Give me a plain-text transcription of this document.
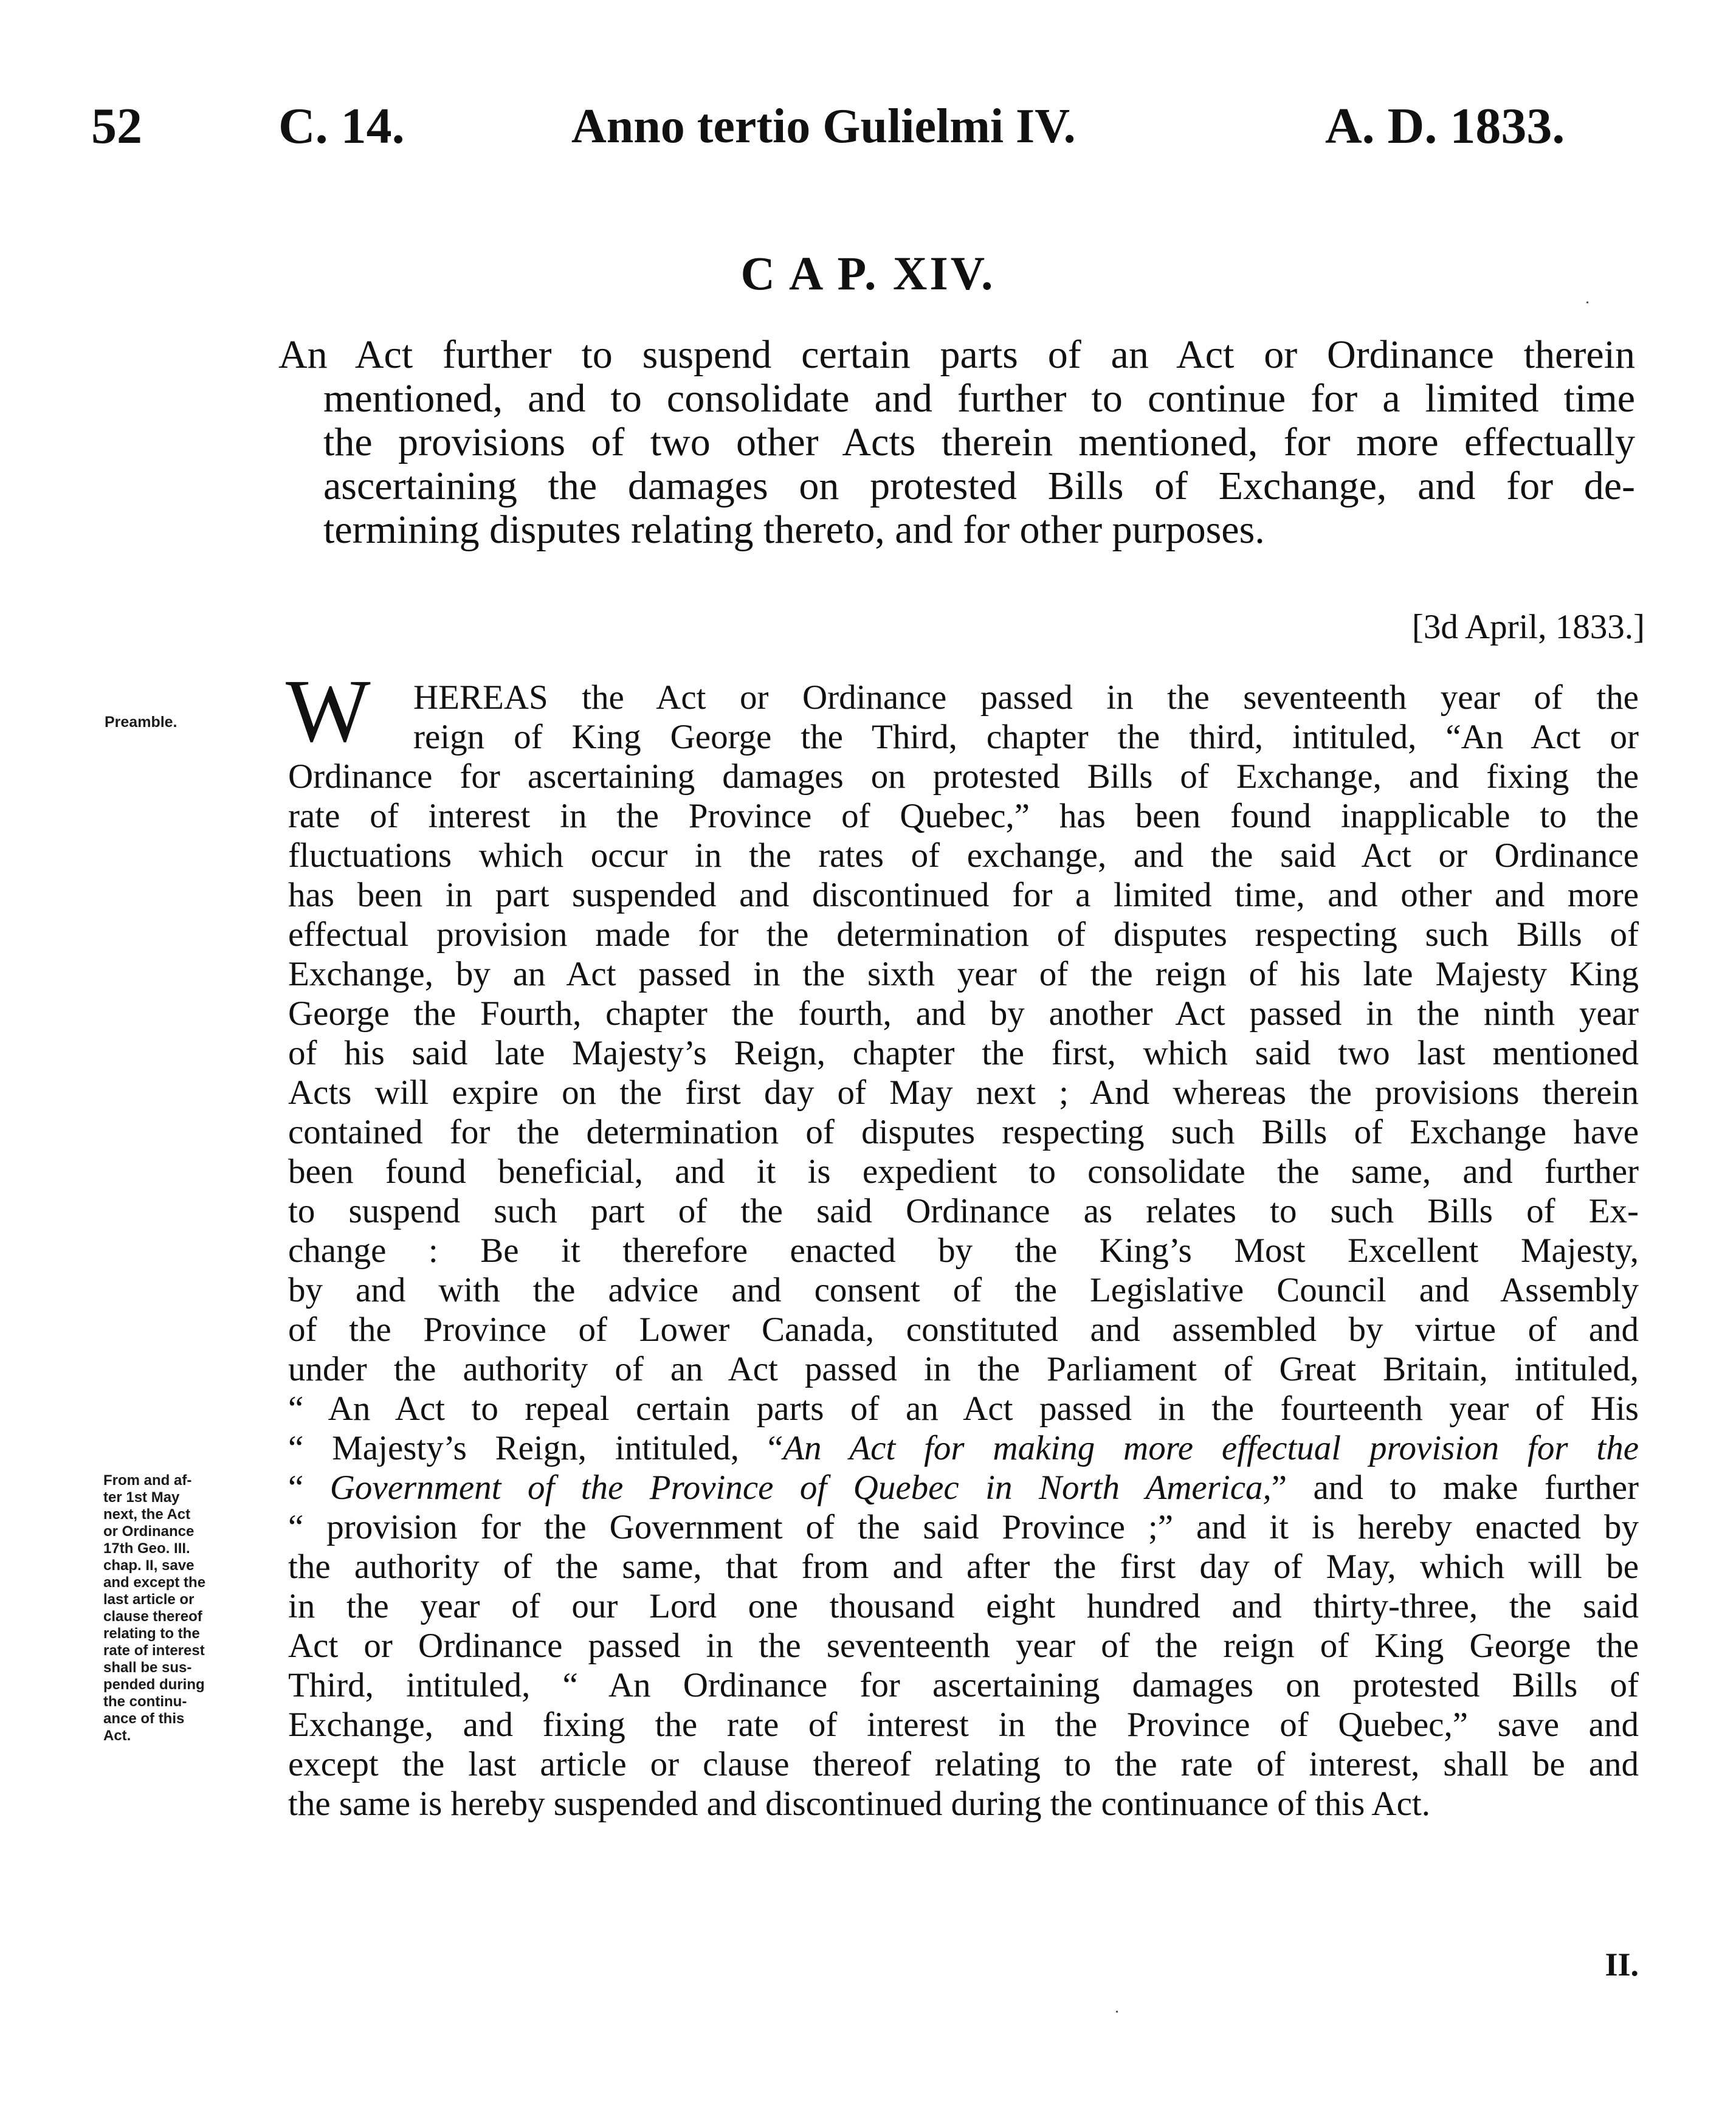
52	C. 14.	Anno tertio Gulielmi IV.	A. D. 1833.
C A P. XIV.
An Act further to suspend certain parts of an Act or Ordinance therein
mentioned, and to consolidate and further to continue for a limited time
the provisions of two other Acts therein mentioned, for more effectually
ascertaining the damages on protested Bills of Exchange, and for de-
termining disputes relating thereto, and for other purposes.
[3d April, 1833.]
Preamble.
From and af-
ter 1st May
next, the Act
or Ordinance
17th Geo. III.
chap. II, save
and except the
last article or
clause thereof
relating to the
rate of interest
shall be sus-
pended during
the continu-
ance of this
Act.
W HEREAS the Act or Ordinance passed in the seventeenth year of the
reign of King George the Third, chapter the third, intituled, “An Act or
Ordinance for ascertaining damages on protested Bills of Exchange, and fixing the
rate of interest in the Province of Quebec,” has been found inapplicable to the
fluctuations which occur in the rates of exchange, and the said Act or Ordinance
has been in part suspended and discontinued for a limited time, and other and more
effectual provision made for the determination of disputes respecting such Bills of
Exchange, by an Act passed in the sixth year of the reign of his late Majesty King
George the Fourth, chapter the fourth, and by another Act passed in the ninth year
of his said late Majesty’s Reign, chapter the first, which said two last mentioned
Acts will expire on the first day of May next ; And whereas the provisions therein
contained for the determination of disputes respecting such Bills of Exchange have
been found beneficial, and it is expedient to consolidate the same, and further
to suspend such part of the said Ordinance as relates to such Bills of Ex-
change : Be it therefore enacted by the King’s Most Excellent Majesty,
by and with the advice and consent of the Legislative Council and Assembly
of the Province of Lower Canada, constituted and assembled by virtue of and
under the authority of an Act passed in the Parliament of Great Britain, intituled,
“ An Act to repeal certain parts of an Act passed in the fourteenth year of His
“ Majesty’s Reign, intituled, “An Act for making more effectual provision for the
“ Government of the Province of Quebec in North America,” and to make further
“ provision for the Government of the said Province ;” and it is hereby enacted by
the authority of the same, that from and after the first day of May, which will be
in the year of our Lord one thousand eight hundred and thirty-three, the said
Act or Ordinance passed in the seventeenth year of the reign of King George the
Third, intituled, “ An Ordinance for ascertaining damages on protested Bills of
Exchange, and fixing the rate of interest in the Province of Quebec,” save and
except the last article or clause thereof relating to the rate of interest, shall be and
the same is hereby suspended and discontinued during the continuance of this Act.
II.
